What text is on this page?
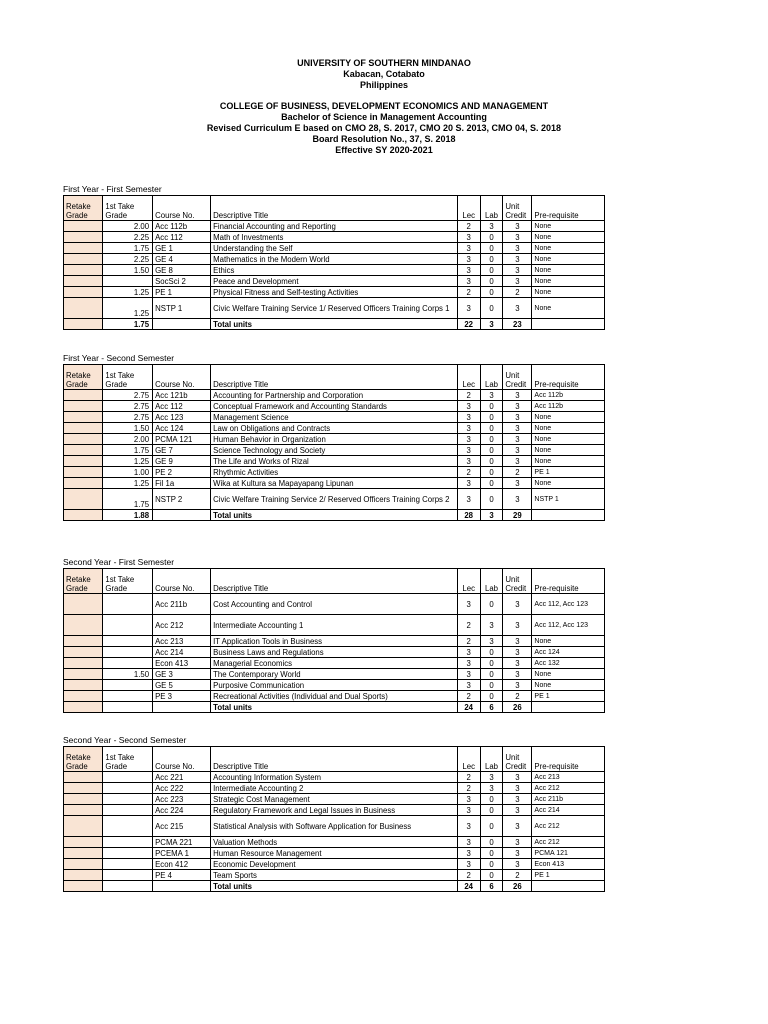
UNIVERSITY OF SOUTHERN MINDANAO
Kabacan, Cotabato
Philippines
COLLEGE OF BUSINESS, DEVELOPMENT ECONOMICS AND MANAGEMENT
Bachelor of Science in Management Accounting
Revised Curriculum E based on CMO 28, S. 2017, CMO 20 S. 2013, CMO 04, S. 2018
Board Resolution No., 37, S. 2018
Effective SY 2020-2021
First Year - First Semester
Retake Grade	1st Take Grade	Course No.	Descriptive Title	Lec	Lab	Unit Credit	Pre-requisite
	2.00	Acc 112b	Financial Accounting and Reporting	2	3	3	None
	2.25	Acc 112	Math of Investments	3	0	3	None
	1.75	GE 1	Understanding the Self	3	0	3	None
	2.25	GE 4	Mathematics in the Modern World	3	0	3	None
	1.50	GE 8	Ethics	3	0	3	None
		SocSci 2	Peace and Development	3	0	3	None
	1.25	PE 1	Physical Fitness and Self-testing Activities	2	0	2	None
	1.25	NSTP 1	Civic Welfare Training Service 1/ Reserved Officers Training Corps 1	3	0	3	None
	1.75		Total units	22	3	23	
First Year - Second Semester
Retake Grade	1st Take Grade	Course No.	Descriptive Title	Lec	Lab	Unit Credit	Pre-requisite
	2.75	Acc 121b	Accounting for Partnership and Corporation	2	3	3	Acc 112b
	2.75	Acc 112	Conceptual Framework and Accounting Standards	3	0	3	Acc 112b
	2.75	Acc 123	Management Science	3	0	3	None
	1.50	Acc 124	Law on Obligations and Contracts	3	0	3	None
	2.00	PCMA 121	Human Behavior in Organization	3	0	3	None
	1.75	GE 7	Science Technology and Society	3	0	3	None
	1.25	GE 9	The Life and Works of Rizal	3	0	3	None
	1.00	PE 2	Rhythmic Activities	2	0	2	PE 1
	1.25	Fil 1a	Wika at Kultura sa Mapayapang Lipunan	3	0	3	None
	1.75	NSTP 2	Civic Welfare Training Service 2/ Reserved Officers Training Corps 2	3	0	3	NSTP 1
	1.88		Total units	28	3	29	
Second Year - First Semester
Retake Grade	1st Take Grade	Course No.	Descriptive Title	Lec	Lab	Unit Credit	Pre-requisite
		Acc 211b	Cost Accounting and Control	3	0	3	Acc 112, Acc 123
		Acc 212	Intermediate Accounting 1	2	3	3	Acc 112, Acc 123
		Acc 213	IT Application Tools in Business	2	3	3	None
		Acc 214	Business Laws and Regulations	3	0	3	Acc 124
		Econ 413	Managerial Economics	3	0	3	Acc 132
	1.50	GE 3	The Contemporary World	3	0	3	None
		GE 5	Purposive Communication	3	0	3	None
		PE 3	Recreational Activities (Individual and Dual Sports)	2	0	2	PE 1
			Total units	24	6	26	
Second Year - Second Semester
Retake Grade	1st Take Grade	Course No.	Descriptive Title	Lec	Lab	Unit Credit	Pre-requisite
		Acc 221	Accounting Information System	2	3	3	Acc 213
		Acc 222	Intermediate Accounting 2	2	3	3	Acc 212
		Acc 223	Strategic Cost Management	3	0	3	Acc 211b
		Acc 224	Regulatory Framework and Legal Issues in Business	3	0	3	Acc 214
		Acc 215	Statistical Analysis with Software Application for Business	3	0	3	Acc 212
		PCMA 221	Valuation Methods	3	0	3	Acc 212
		PCEMA 1	Human Resource Management	3	0	3	PCMA 121
		Econ 412	Economic Development	3	0	3	Econ 413
		PE 4	Team Sports	2	0	2	PE 1
			Total units	24	6	26	
